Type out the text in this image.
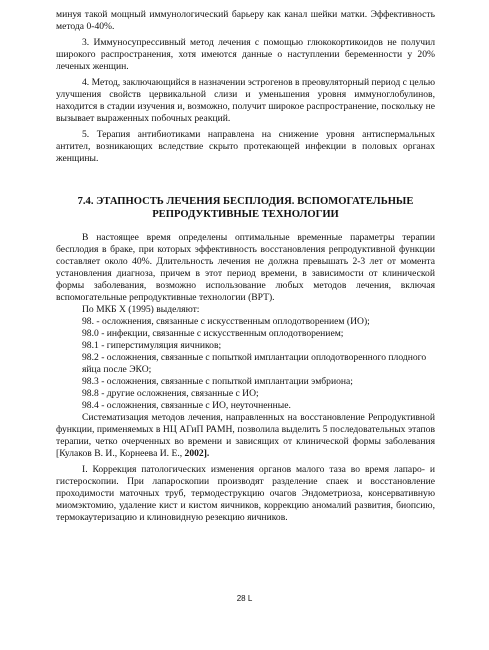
минуя такой мощный иммунологический барьеру как канал шейки матки. Эффективность метода 0-40%.

3. Иммуносупрессивный метод лечения с помощью глюкокортикоидов не получил широкого распространения, хотя имеются данные о наступлении беременности у 20% леченых женщин.

4. Метод, заключающийся в назначении эстрогенов в преовуляторный период с целью улучшения свойств цервикальной слизи и уменьшения уровня иммуноглобулинов, находится в стадии изучения и, возможно, получит широкое распространение, поскольку не вызывает выраженных побочных реакций.

5. Терапия антибиотиками направлена на снижение уровня антиспермальных антител, возникающих вследствие скрыто протекающей инфекции в половых органах женщины.

7.4. ЭТАПНОСТЬ ЛЕЧЕНИЯ БЕСПЛОДИЯ. ВСПОМОГАТЕЛЬНЫЕ
РЕПРОДУКТИВНЫЕ ТЕХНОЛОГИИ

В настоящее время определены оптимальные временные параметры терапии бесплодия в браке, при которых эффективность восстановления репродуктивной функции составляет около 40%. Длительность лечения не должна превышать 2-3 лет от момента установления диагноза, причем в этот период времени, в зависимости от клинической формы заболевания, возможно использование любых методов лечения, включая вспомогательные репродуктивные технологии (ВРТ).

По МКБ X (1995) выделяют:

98. - осложнения, связанные с искусственным оплодотворением (ИО);

98.0 - инфекции, связанные с искусственным оплодотворением;

98.1 - гиперстимуляция яичников;

98.2 - осложнения, связанные с попыткой имплантации оплодотворенного плодного яйца после ЭКО;

98.3 - осложнения, связанные с попыткой имплантации эмбриона;

98.8 - другие осложнения, связанные с ИО;

98.4 - осложнения, связанные с ИО, неуточненные.

Систематизация методов лечения, направленных на восстановление Репродуктивной функции, применяемых в НЦ АГиП РАМН, позволила выделить 5 последовательных этапов терапии, четко очерченных во времени и зависящих от клинической формы заболевания [Кулаков В. И., Корнеева И. Е., 2002].

I. Коррекция патологических изменения органов малого таза во время лапаро- и гистероскопии. При лапароскопии производят разделение спаек и восстановление проходимости маточных труб, термодеструкцию очагов Эндометриоза, консервативную миомэктомию, удаление кист и кистом яичников, коррекцию аномалий развития, биопсию, термокаутеризацию и клиновидную резекцию яичников.

28 L
